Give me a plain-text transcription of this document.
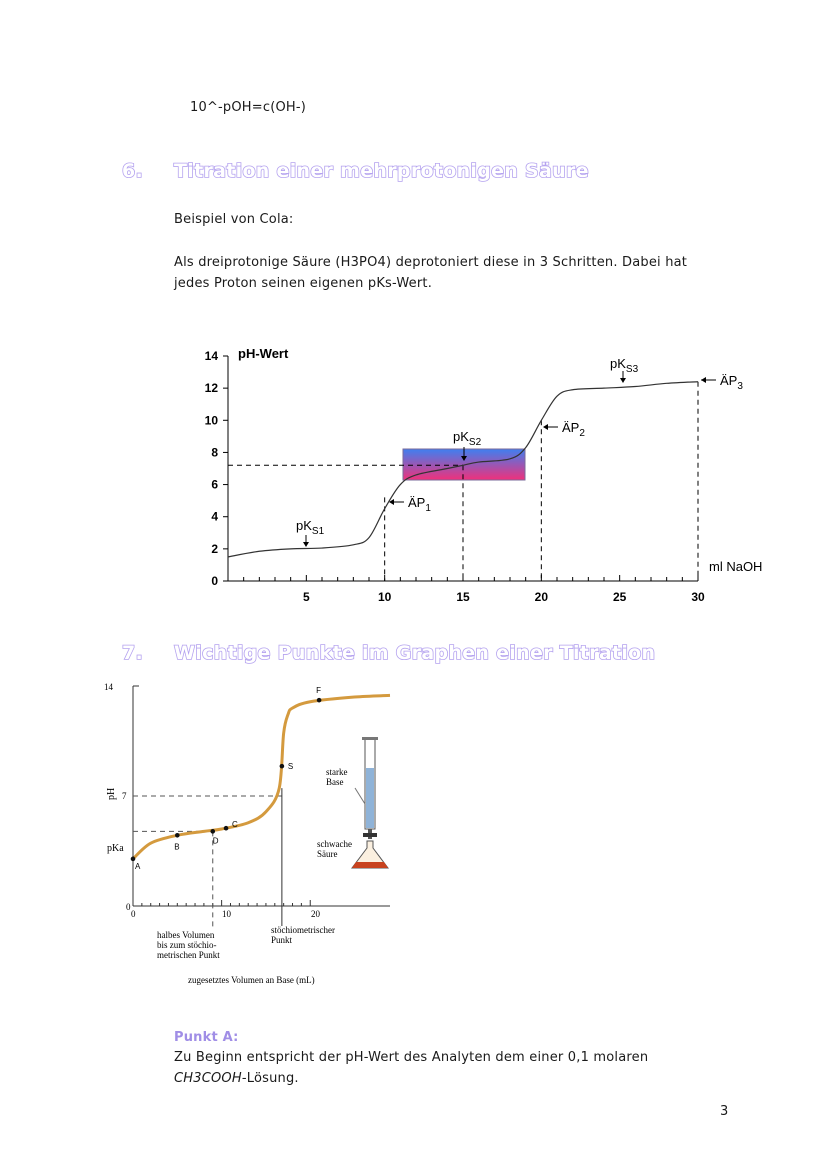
10^-pOH=c(OH-)
6. Titration einer mehrprotonigen Säure
Beispiel von Cola:
Als dreiprotonige Säure (H3PO4) deprotoniert diese in 3 Schritten. Dabei hat
jedes Proton seinen eigenen pKs-Wert.
0
2
4
6
8
10
12
14
5	10	15	20	25	30
pH-Wert
ml NaOH
$pK_{S1}$
$ÄP_1$
$pK_{S2}$
$ÄP_2$
$pK_{S3}$
$ÄP_3$
7. Wichtige Punkte im Graphen einer Titration
A
B
D
C
S
F
14
7
0
pKa
pH
0	10	20
halbes Volumen
bis zum stöchio-
metrischen Punkt
stöchiometrischer
Punkt
zugesetztes Volumen an Base (mL)
starke
Base
schwache
Säure
Punkt A:
Zu Beginn entspricht der pH-Wert des Analyten dem einer 0,1 molaren
CH3COOH-Lösung.
3
